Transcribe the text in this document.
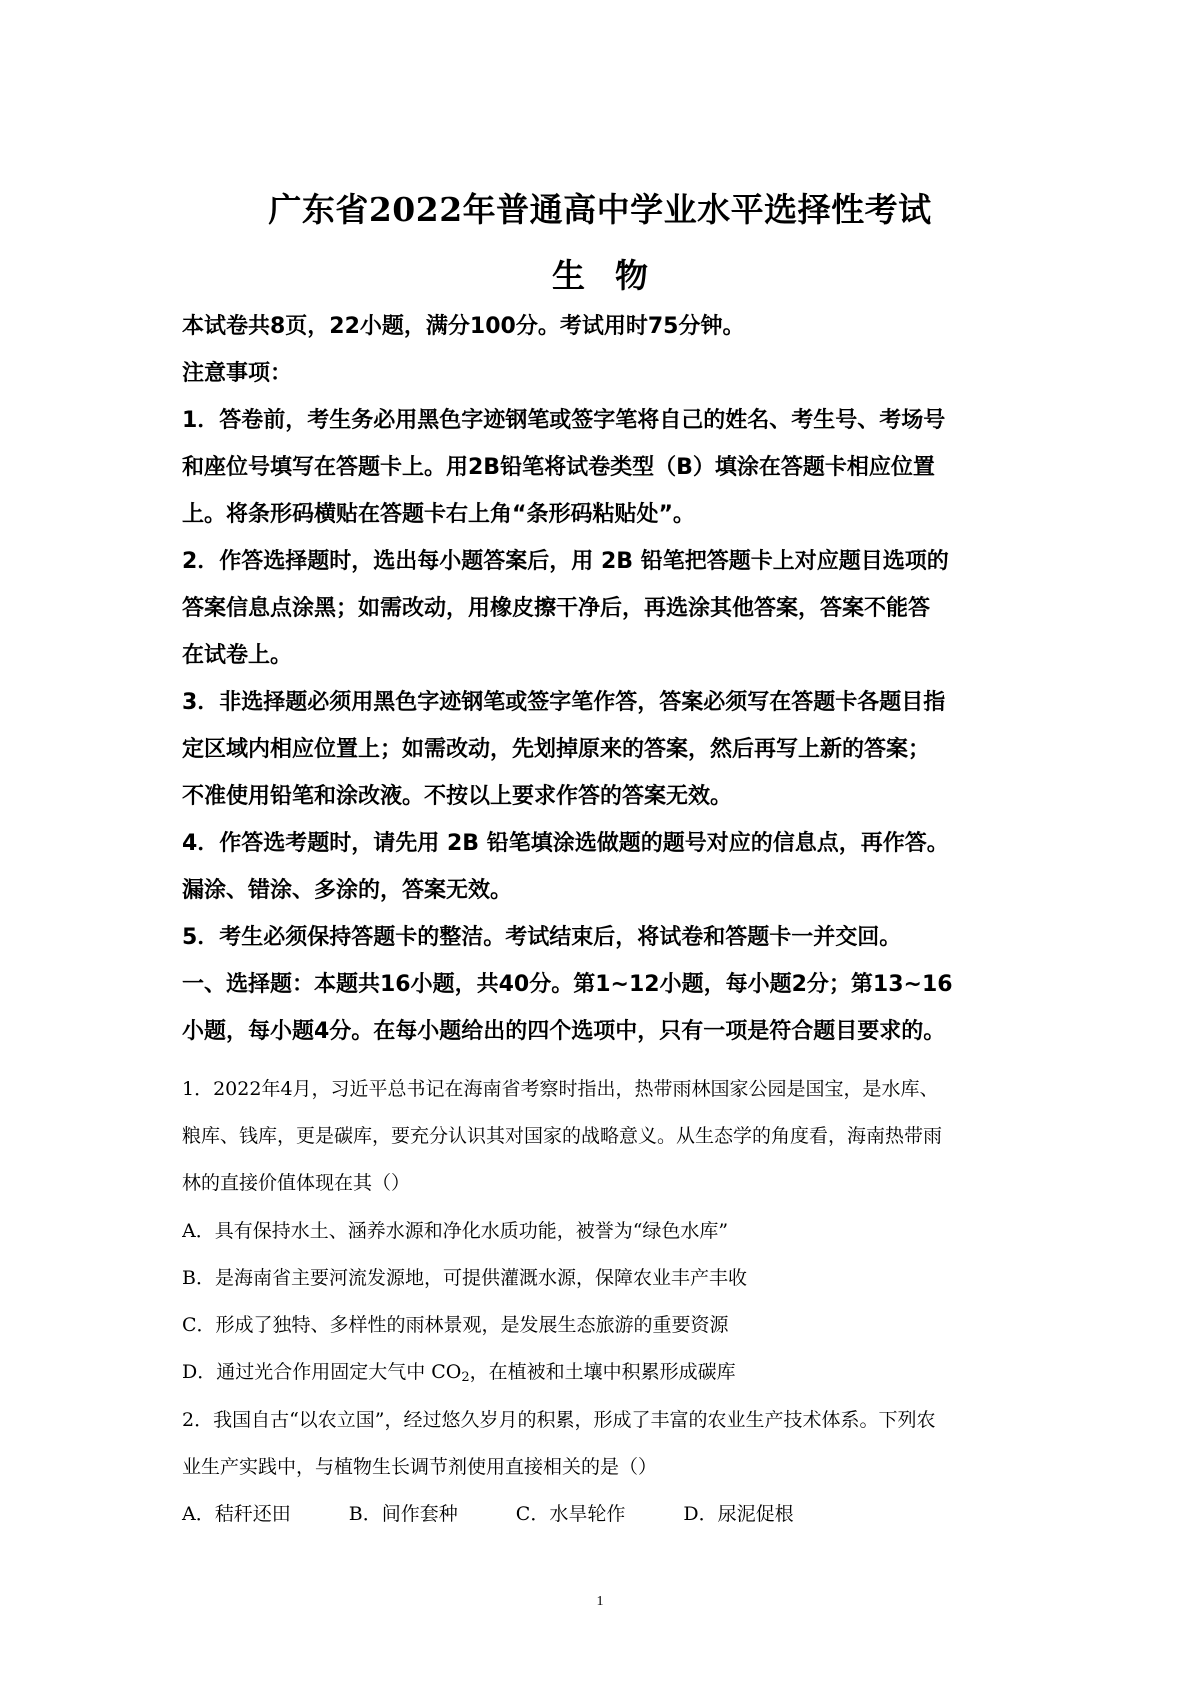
广东省2022年普通高中学业水平选择性考试
生物
本试卷共8页，22小题，满分100分。考试用时75分钟。
注意事项：
1．答卷前，考生务必用黑色字迹钢笔或签字笔将自己的姓名、考生号、考场号
和座位号填写在答题卡上。用2B铅笔将试卷类型（B）填涂在答题卡相应位置
上。将条形码横贴在答题卡右上角“条形码粘贴处”。
2．作答选择题时，选出每小题答案后，用 2B 铅笔把答题卡上对应题目选项的
答案信息点涂黑；如需改动，用橡皮擦干净后，再选涂其他答案，答案不能答
在试卷上。
3．非选择题必须用黑色字迹钢笔或签字笔作答，答案必须写在答题卡各题目指
定区域内相应位置上；如需改动，先划掉原来的答案，然后再写上新的答案；
不准使用铅笔和涂改液。不按以上要求作答的答案无效。
4．作答选考题时，请先用 2B 铅笔填涂选做题的题号对应的信息点，再作答。
漏涂、错涂、多涂的，答案无效。
5．考生必须保持答题卡的整洁。考试结束后，将试卷和答题卡一并交回。
一、选择题：本题共16小题，共40分。第1~12小题，每小题2分；第13~16
小题，每小题4分。在每小题给出的四个选项中，只有一项是符合题目要求的。
1．2022年4月，习近平总书记在海南省考察时指出，热带雨林国家公园是国宝，是水库、
粮库、钱库，更是碳库，要充分认识其对国家的战略意义。从生态学的角度看，海南热带雨
林的直接价值体现在其（）
A．具有保持水土、涵养水源和净化水质功能，被誉为“绿色水库”
B．是海南省主要河流发源地，可提供灌溉水源，保障农业丰产丰收
C．形成了独特、多样性的雨林景观，是发展生态旅游的重要资源
D．通过光合作用固定大气中 $CO_2$，在植被和土壤中积累形成碳库
2．我国自古“以农立国”，经过悠久岁月的积累，形成了丰富的农业生产技术体系。下列农
业生产实践中，与植物生长调节剂使用直接相关的是（）
A．秸秆还田	B．间作套种	C．水旱轮作	D．尿泥促根
1
